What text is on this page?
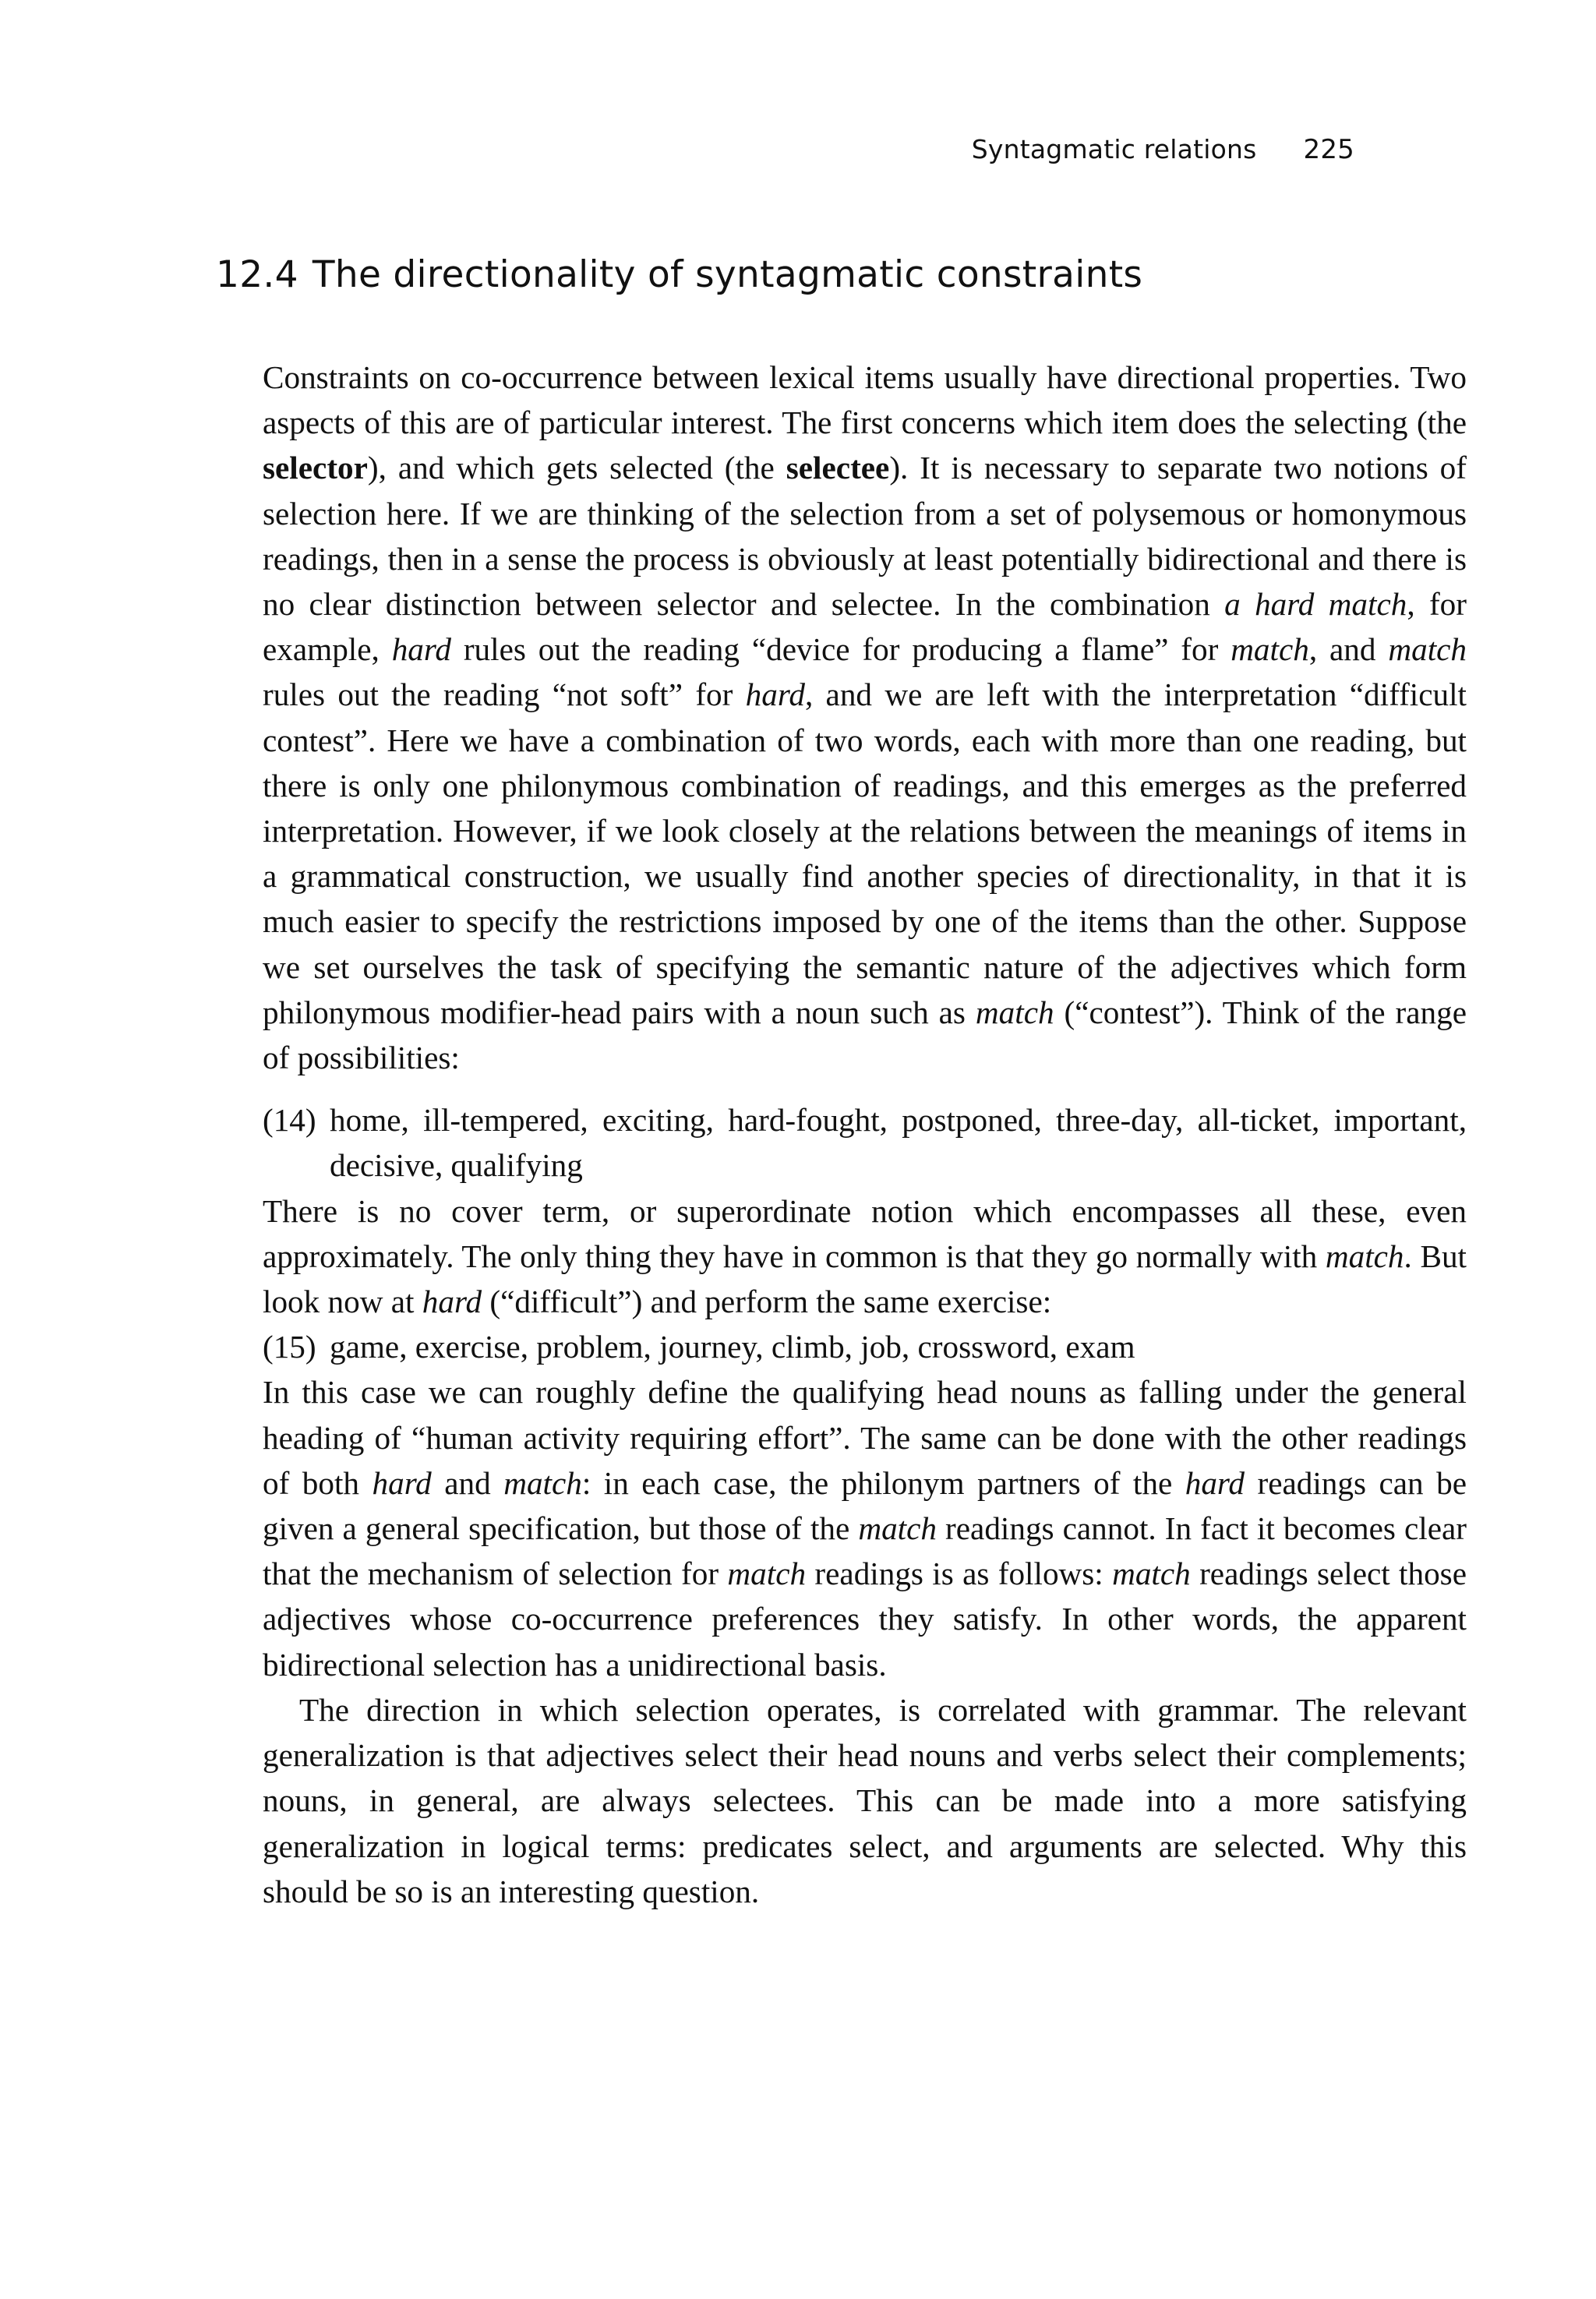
Syntagmatic relations 225
12.4 The directionality of syntagmatic constraints

Constraints on co-occurrence between lexical items usually have directional properties. Two aspects of this are of particular interest. The first concerns which item does the selecting (the selector), and which gets selected (the selectee). It is necessary to separate two notions of selection here. If we are thinking of the selection from a set of polysemous or homonymous readings, then in a sense the process is obviously at least potentially bidirectional and there is no clear distinction between selector and selectee. In the combination a hard match, for example, hard rules out the reading “device for producing a flame” for match, and match rules out the reading “not soft” for hard, and we are left with the interpretation “difficult contest”. Here we have a combination of two words, each with more than one reading, but there is only one philonymous combination of readings, and this emerges as the preferred interpretation. However, if we look closely at the relations between the meanings of items in a grammatical construction, we usually find another species of directionality, in that it is much easier to specify the restrictions imposed by one of the items than the other. Suppose we set ourselves the task of specifying the semantic nature of the adjectives which form philonymous modifier-head pairs with a noun such as match (“contest”). Think of the range of possibilities:

(14) home, ill-tempered, exciting, hard-fought, postponed, three-day, all-ticket, important, decisive, qualifying

There is no cover term, or superordinate notion which encompasses all these, even approximately. The only thing they have in common is that they go normally with match. But look now at hard (“difficult”) and perform the same exercise:

(15) game, exercise, problem, journey, climb, job, crossword, exam

In this case we can roughly define the qualifying head nouns as falling under the general heading of “human activity requiring effort”. The same can be done with the other readings of both hard and match: in each case, the philonym partners of the hard readings can be given a general specification, but those of the match readings cannot. In fact it becomes clear that the mechanism of selection for match readings is as follows: match readings select those adjectives whose co-occurrence preferences they satisfy. In other words, the apparent bidirectional selection has a unidirectional basis.

The direction in which selection operates, is correlated with grammar. The relevant generalization is that adjectives select their head nouns and verbs select their complements; nouns, in general, are always selectees. This can be made into a more satisfying generalization in logical terms: predicates select, and arguments are selected. Why this should be so is an interesting question.
